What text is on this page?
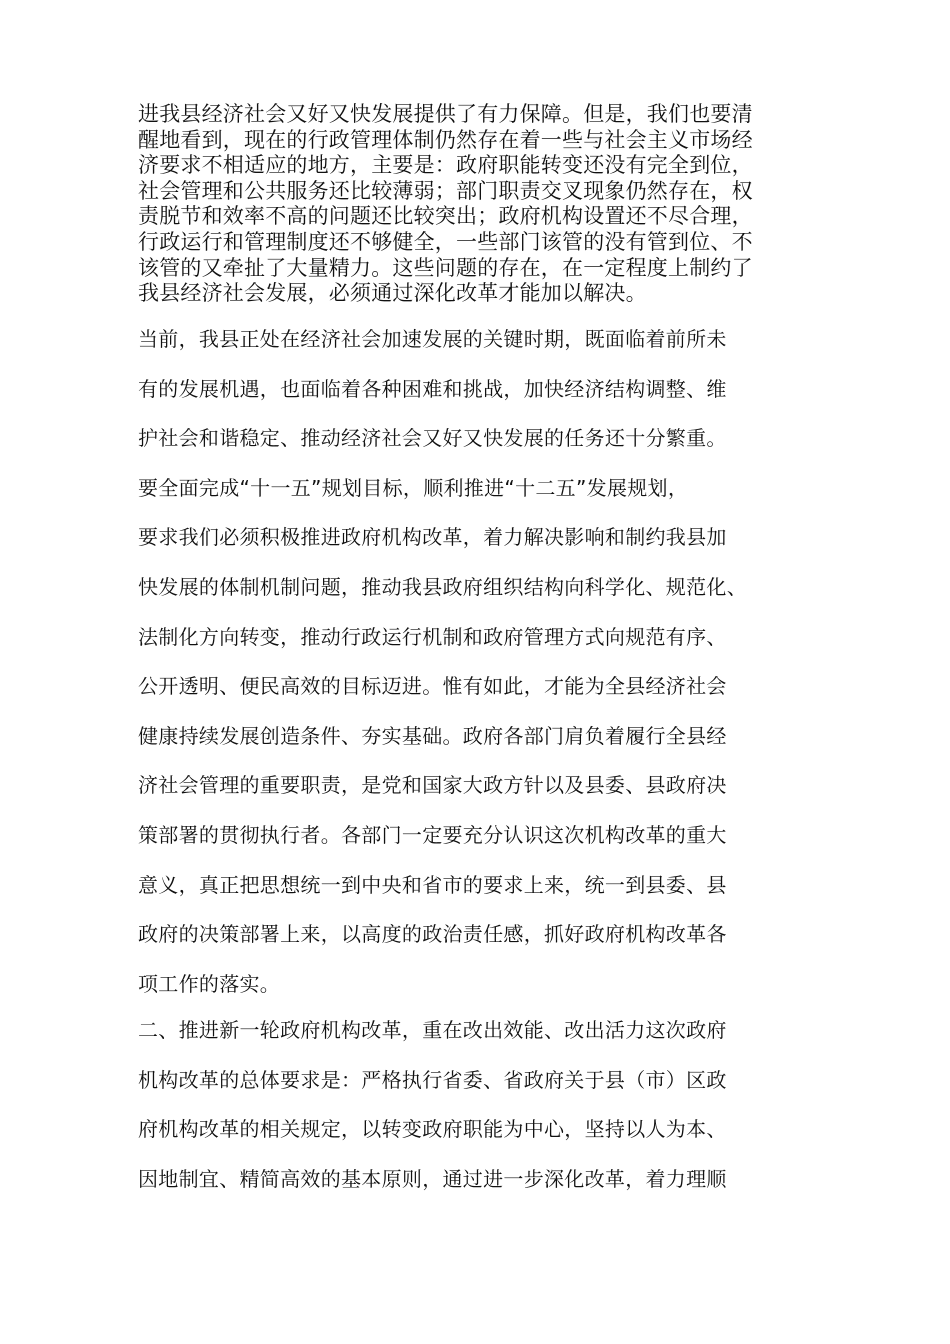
进我县经济社会又好又快发展提供了有力保障。但是，我们也要清
醒地看到，现在的行政管理体制仍然存在着一些与社会主义市场经
济要求不相适应的地方，主要是：政府职能转变还没有完全到位，
社会管理和公共服务还比较薄弱；部门职责交叉现象仍然存在，权
责脱节和效率不高的问题还比较突出；政府机构设置还不尽合理，
行政运行和管理制度还不够健全，一些部门该管的没有管到位、不
该管的又牵扯了大量精力。这些问题的存在，在一定程度上制约了
我县经济社会发展，必须通过深化改革才能加以解决。
当前，我县正处在经济社会加速发展的关键时期，既面临着前所未
有的发展机遇，也面临着各种困难和挑战，加快经济结构调整、维
护社会和谐稳定、推动经济社会又好又快发展的任务还十分繁重。
要全面完成“十一五”规划目标，顺利推进“十二五”发展规划，
要求我们必须积极推进政府机构改革，着力解决影响和制约我县加
快发展的体制机制问题，推动我县政府组织结构向科学化、规范化、
法制化方向转变，推动行政运行机制和政府管理方式向规范有序、
公开透明、便民高效的目标迈进。惟有如此，才能为全县经济社会
健康持续发展创造条件、夯实基础。政府各部门肩负着履行全县经
济社会管理的重要职责，是党和国家大政方针以及县委、县政府决
策部署的贯彻执行者。各部门一定要充分认识这次机构改革的重大
意义，真正把思想统一到中央和省市的要求上来，统一到县委、县
政府的决策部署上来，以高度的政治责任感，抓好政府机构改革各
项工作的落实。
二、推进新一轮政府机构改革，重在改出效能、改出活力这次政府
机构改革的总体要求是：严格执行省委、省政府关于县（市）区政
府机构改革的相关规定，以转变政府职能为中心，坚持以人为本、
因地制宜、精简高效的基本原则，通过进一步深化改革，着力理顺
